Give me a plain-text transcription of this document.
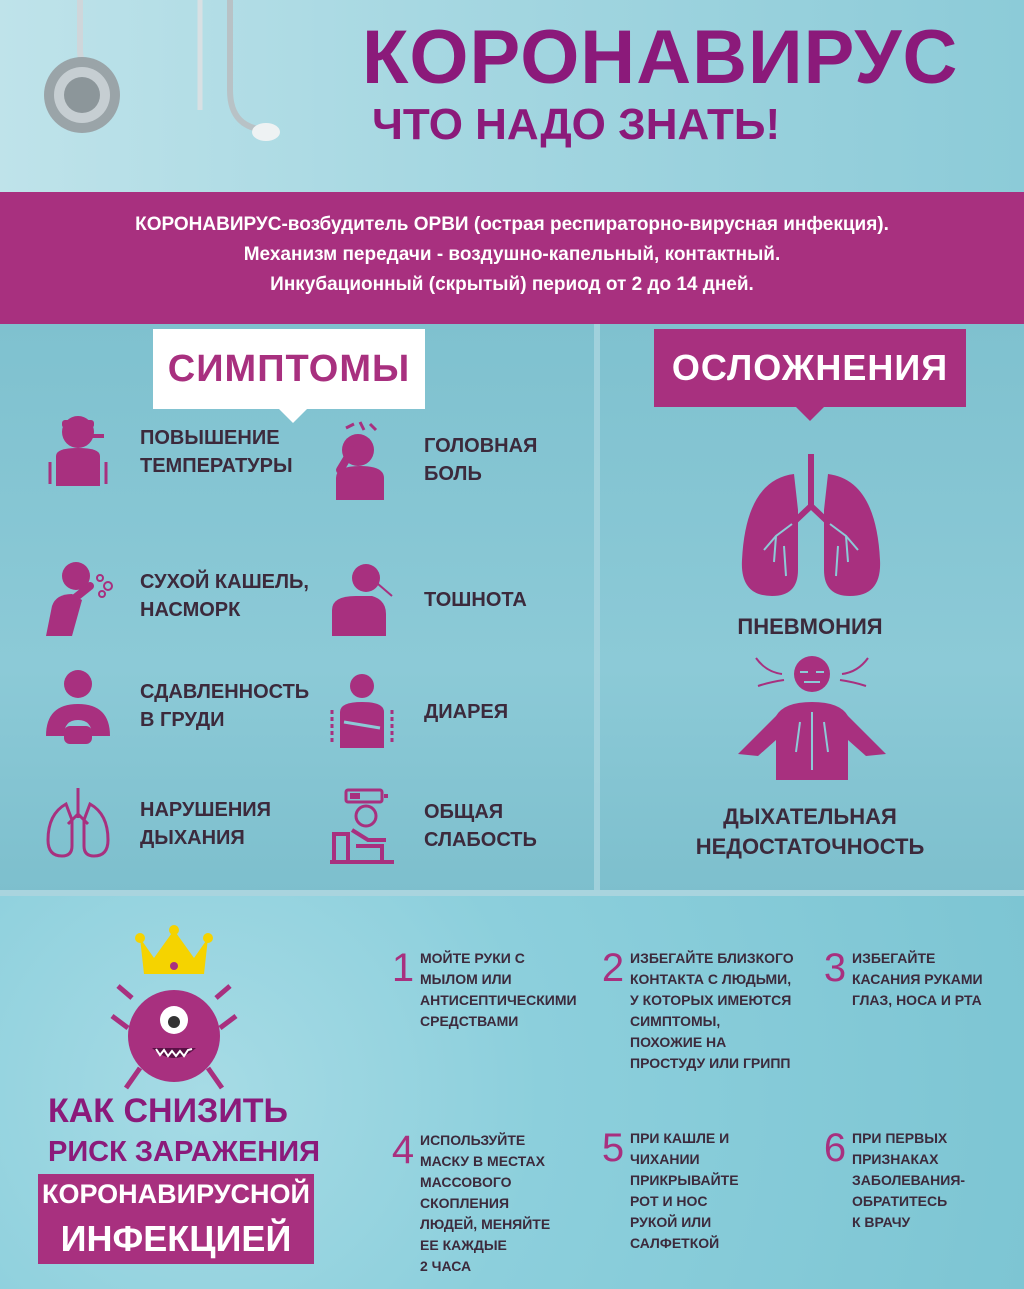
КОРОНАВИРУС
ЧТО НАДО ЗНАТЬ!

КОРОНАВИРУС-возбудитель ОРВИ (острая респираторно-вирусная инфекция).

Механизм передачи - воздушно-капельный, контактный.

Инкубационный (скрытый) период от 2 до 14 дней.

СИМПТОМЫ	ОСЛОЖНЕНИЯ
ПОВЫШЕНИЕ
ТЕМПЕРАТУРЫ
ГОЛОВНАЯ
БОЛЬ
СУХОЙ КАШЕЛЬ,
НАСМОРК	ТОШНОТА
СДАВЛЕННОСТЬ
В ГРУДИ	ДИАРЕЯ
НАРУШЕНИЯ
ДЫХАНИЯ
ОБЩАЯ
СЛАБОСТЬ
ПНЕВМОНИЯ
ДЫХАТЕЛЬНАЯ
НЕДОСТАТОЧНОСТЬ
КАК СНИЗИТЬ
РИСК ЗАРАЖЕНИЯ
КОРОНАВИРУСНОЙ
ИНФЕКЦИЕЙ
1 МОЙТЕ РУКИ С
МЫЛОМ ИЛИ
АНТИСЕПТИЧЕСКИМИ
СРЕДСТВАМИ
2 ИЗБЕГАЙТЕ БЛИЗКОГО
КОНТАКТА С ЛЮДЬМИ,
У КОТОРЫХ ИМЕЮТСЯ
СИМПТОМЫ,
ПОХОЖИЕ НА
ПРОСТУДУ ИЛИ ГРИПП
3 ИЗБЕГАЙТЕ
КАСАНИЯ РУКАМИ
ГЛАЗ, НОСА И РТА
4 ИСПОЛЬЗУЙТЕ
МАСКУ В МЕСТАХ
МАССОВОГО
СКОПЛЕНИЯ
ЛЮДЕЙ, МЕНЯЙТЕ
ЕЕ КАЖДЫЕ
2 ЧАСА
5 ПРИ КАШЛЕ И
ЧИХАНИИ
ПРИКРЫВАЙТЕ
РОТ И НОС
РУКОЙ ИЛИ
САЛФЕТКОЙ
6 ПРИ ПЕРВЫХ
ПРИЗНАКАХ
ЗАБОЛЕВАНИЯ-
ОБРАТИТЕСЬ
К ВРАЧУ
